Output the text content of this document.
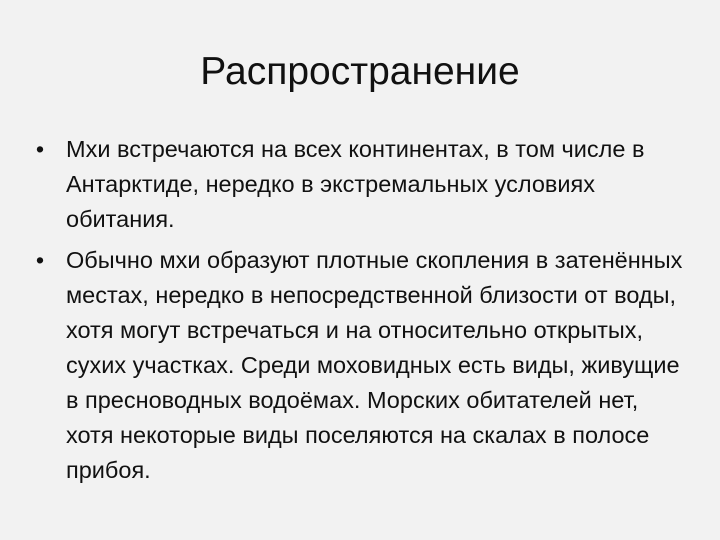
Распространение
• Мхи встречаются на всех континентах, в том числе в Антарктиде, нередко в экстремальных условиях обитания.
• Обычно мхи образуют плотные скопления в затенённых местах, нередко в непосредственной близости от воды, хотя могут встречаться и на относительно открытых, сухих участках. Среди моховидных есть виды, живущие в пресноводных водоёмах. Морских обитателей нет, хотя некоторые виды поселяются на скалах в полосе прибоя.
